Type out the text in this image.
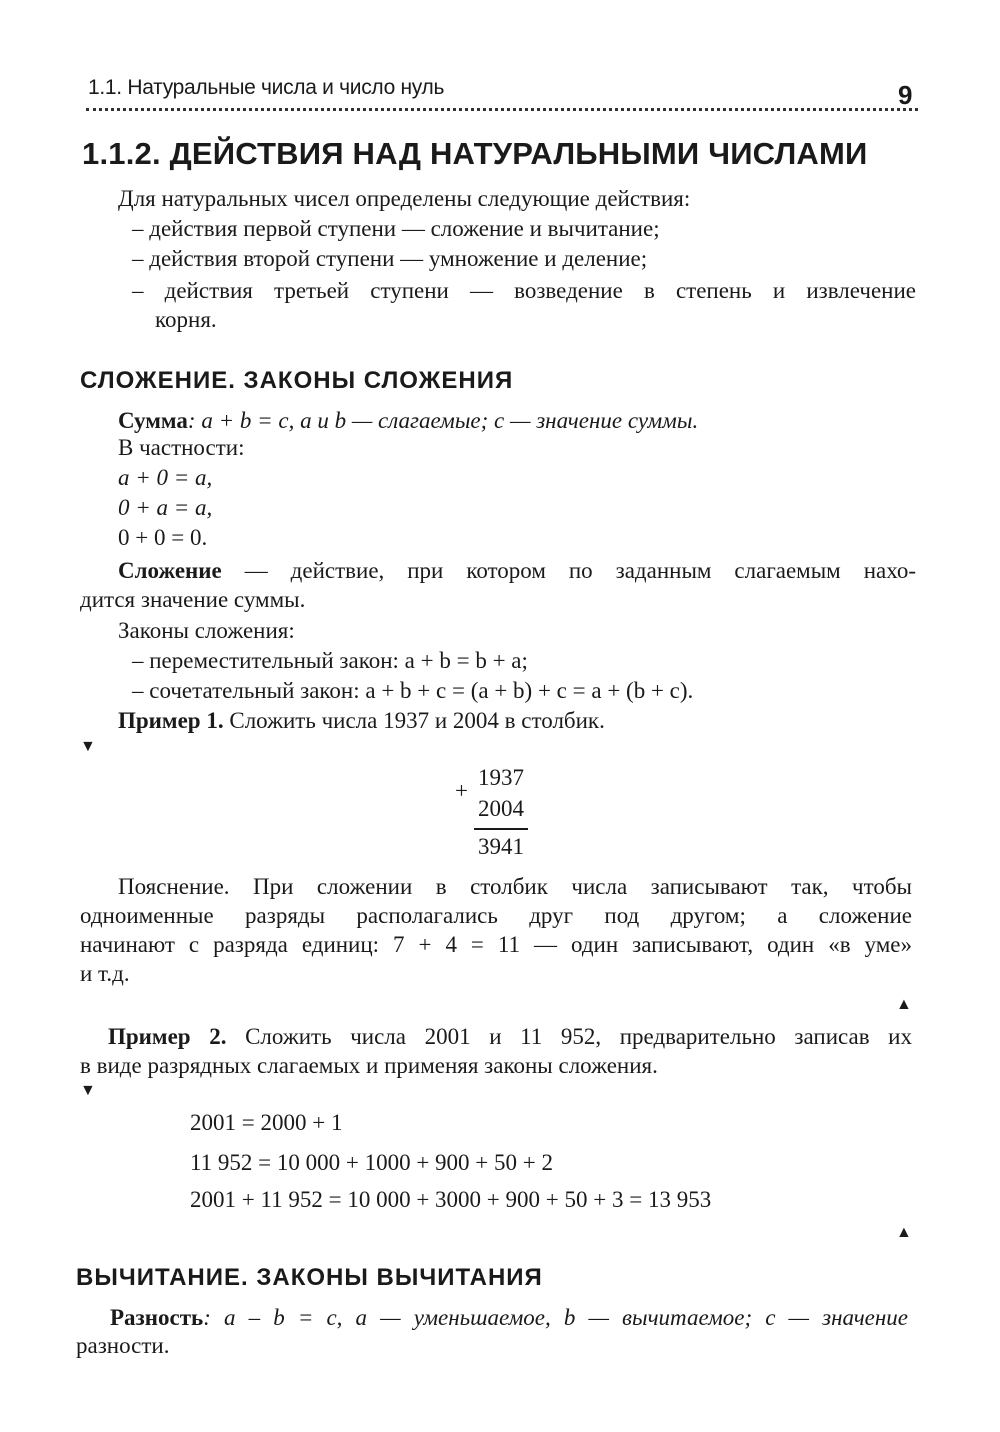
1.1. Натуральные числа и число нуль	9
1.1.2. ДЕЙСТВИЯ НАД НАТУРАЛЬНЫМИ ЧИСЛАМИ
Для натуральных чисел определены следующие действия:
– действия первой ступени — сложение и вычитание;
– действия второй ступени — умножение и деление;
– действия третьей ступени — возведение в степень и извлечение
корня.
СЛОЖЕНИЕ. ЗАКОНЫ СЛОЖЕНИЯ
Сумма: a + b = c, a и b — слагаемые; c — значение суммы.
В частности:
a + 0 = a,
0 + a = a,
0 + 0 = 0.
Сложение — действие, при котором по заданным слагаемым нахо-
дится значение суммы.
Законы сложения:
– переместительный закон: a + b = b + a;
– сочетательный закон: a + b + c = (a + b) + c = a + (b + c).
Пример 1. Сложить числа 1937 и 2004 в столбик.
▼
+
1937
2004
3941
Пояснение. При сложении в столбик числа записывают так, чтобы
одноименные разряды располагались друг под другом; а сложение
начинают с разряда единиц: 7 + 4 = 11 — один записывают, один «в уме»
и т.д.
▲
Пример 2. Сложить числа 2001 и 11 952, предварительно записав их
в виде разрядных слагаемых и применяя законы сложения.
▼
2001 = 2000 + 1
11 952 = 10 000 + 1000 + 900 + 50 + 2
2001 + 11 952 = 10 000 + 3000 + 900 + 50 + 3 = 13 953
▲
ВЫЧИТАНИЕ. ЗАКОНЫ ВЫЧИТАНИЯ
Разность: a – b = c, a — уменьшаемое, b — вычитаемое; c — значение
разности.
